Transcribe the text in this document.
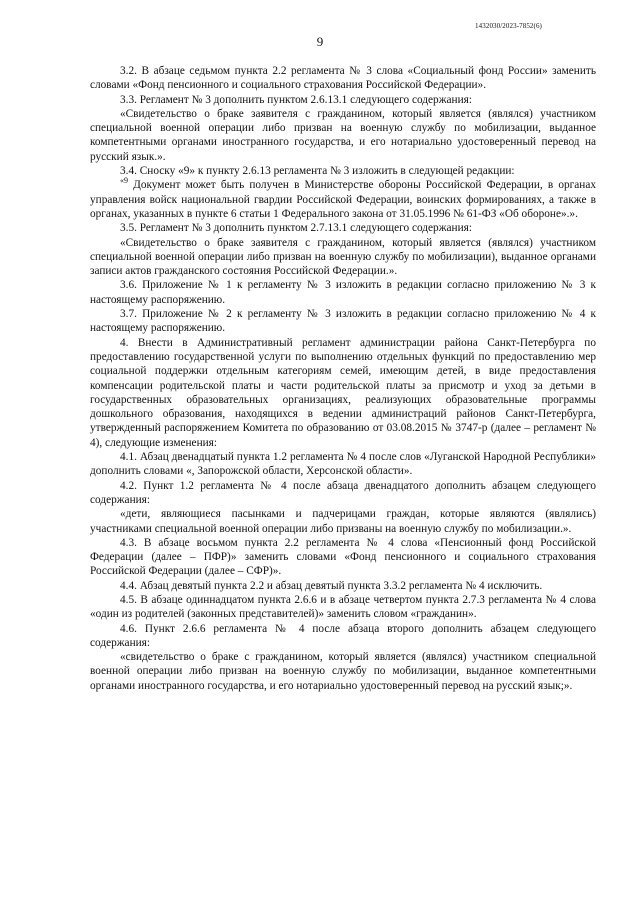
1432030/2023-7852(6)
9

3.2. В абзаце седьмом пункта 2.2 регламента № 3 слова «Социальный фонд России» заменить словами «Фонд пенсионного и социального страхования Российской Федерации».

3.3. Регламент № 3 дополнить пунктом 2.6.13.1 следующего содержания:

«Свидетельство о браке заявителя с гражданином, который является (являлся) участником специальной военной операции либо призван на военную службу по мобилизации, выданное компетентными органами иностранного государства, и его нотариально удостоверенный перевод на русский язык.».

3.4. Сноску «9» к пункту 2.6.13 регламента № 3 изложить в следующей редакции:

$^{«9}$ Документ может быть получен в Министерстве обороны Российской Федерации, в органах управления войск национальной гвардии Российской Федерации, воинских формированиях, а также в органах, указанных в пункте 6 статьи 1 Федерального закона от 31.05.1996 № 61-ФЗ «Об обороне».».

3.5. Регламент № 3 дополнить пунктом 2.7.13.1 следующего содержания:

«Свидетельство о браке заявителя с гражданином, который является (являлся) участником специальной военной операции либо призван на военную службу по мобилизации), выданное органами записи актов гражданского состояния Российской Федерации.».

3.6. Приложение № 1 к регламенту № 3 изложить в редакции согласно приложению № 3 к настоящему распоряжению.

3.7. Приложение № 2 к регламенту № 3 изложить в редакции согласно приложению № 4 к настоящему распоряжению.

4. Внести в Административный регламент администрации района Санкт-Петербурга по предоставлению государственной услуги по выполнению отдельных функций по предоставлению мер социальной поддержки отдельным категориям семей, имеющим детей, в виде предоставления компенсации родительской платы и части родительской платы за присмотр и уход за детьми в государственных образовательных организациях, реализующих образовательные программы дошкольного образования, находящихся в ведении администраций районов Санкт-Петербурга, утвержденный распоряжением Комитета по образованию от 03.08.2015 № 3747-р (далее – регламент № 4), следующие изменения:

4.1. Абзац двенадцатый пункта 1.2 регламента № 4 после слов «Луганской Народной Республики» дополнить словами «, Запорожской области, Херсонской области».

4.2. Пункт 1.2 регламента № 4 после абзаца двенадцатого дополнить абзацем следующего содержания:

«дети, являющиеся пасынками и падчерицами граждан, которые являются (являлись) участниками специальной военной операции либо призваны на военную службу по мобилизации.».

4.3. В абзаце восьмом пункта 2.2 регламента № 4 слова «Пенсионный фонд Российской Федерации (далее – ПФР)» заменить словами «Фонд пенсионного и социального страхования Российской Федерации (далее – СФР)».

4.4. Абзац девятый пункта 2.2 и абзац девятый пункта 3.3.2 регламента № 4 исключить.

4.5. В абзаце одиннадцатом пункта 2.6.6 и в абзаце четвертом пункта 2.7.3 регламента № 4 слова «один из родителей (законных представителей)» заменить словом «гражданин».

4.6. Пункт 2.6.6 регламента № 4 после абзаца второго дополнить абзацем следующего содержания:

«свидетельство о браке с гражданином, который является (являлся) участником специальной военной операции либо призван на военную службу по мобилизации, выданное компетентными органами иностранного государства, и его нотариально удостоверенный перевод на русский язык;».
